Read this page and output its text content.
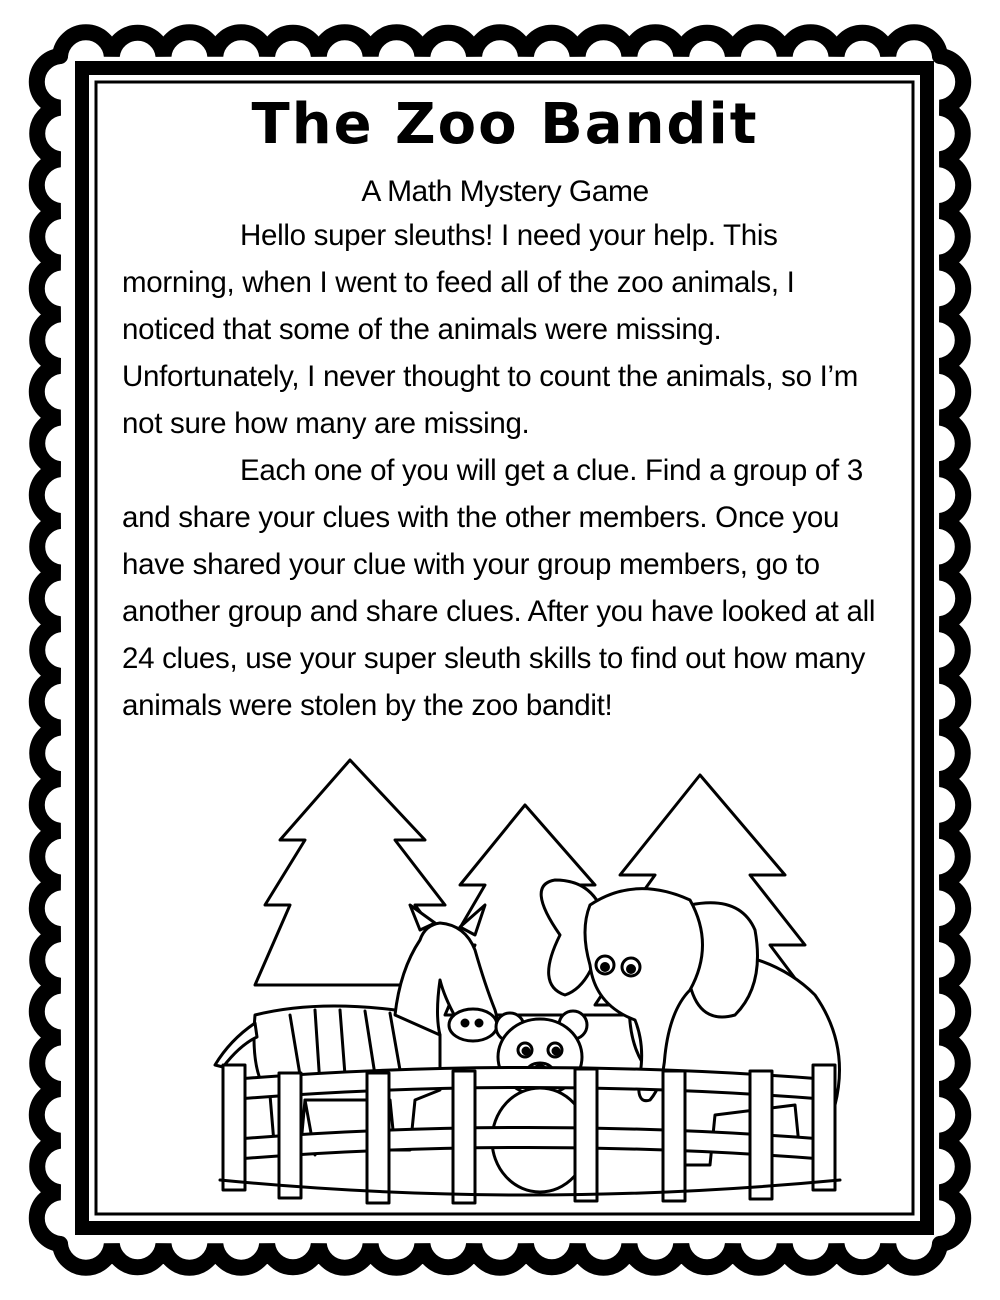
The Zoo Bandit
A Math Mystery Game

Hello super sleuths! I need your help. This morning, when I went to feed all of the zoo animals, I noticed that some of the animals were missing. Unfortunately, I never thought to count the animals, so I’m not sure how many are missing.

Each one of you will get a clue. Find a group of 3 and share your clues with the other members. Once you have shared your clue with your group members, go to another group and share clues. After you have looked at all 24 clues, use your super sleuth skills to find out how many animals were stolen by the zoo bandit!
